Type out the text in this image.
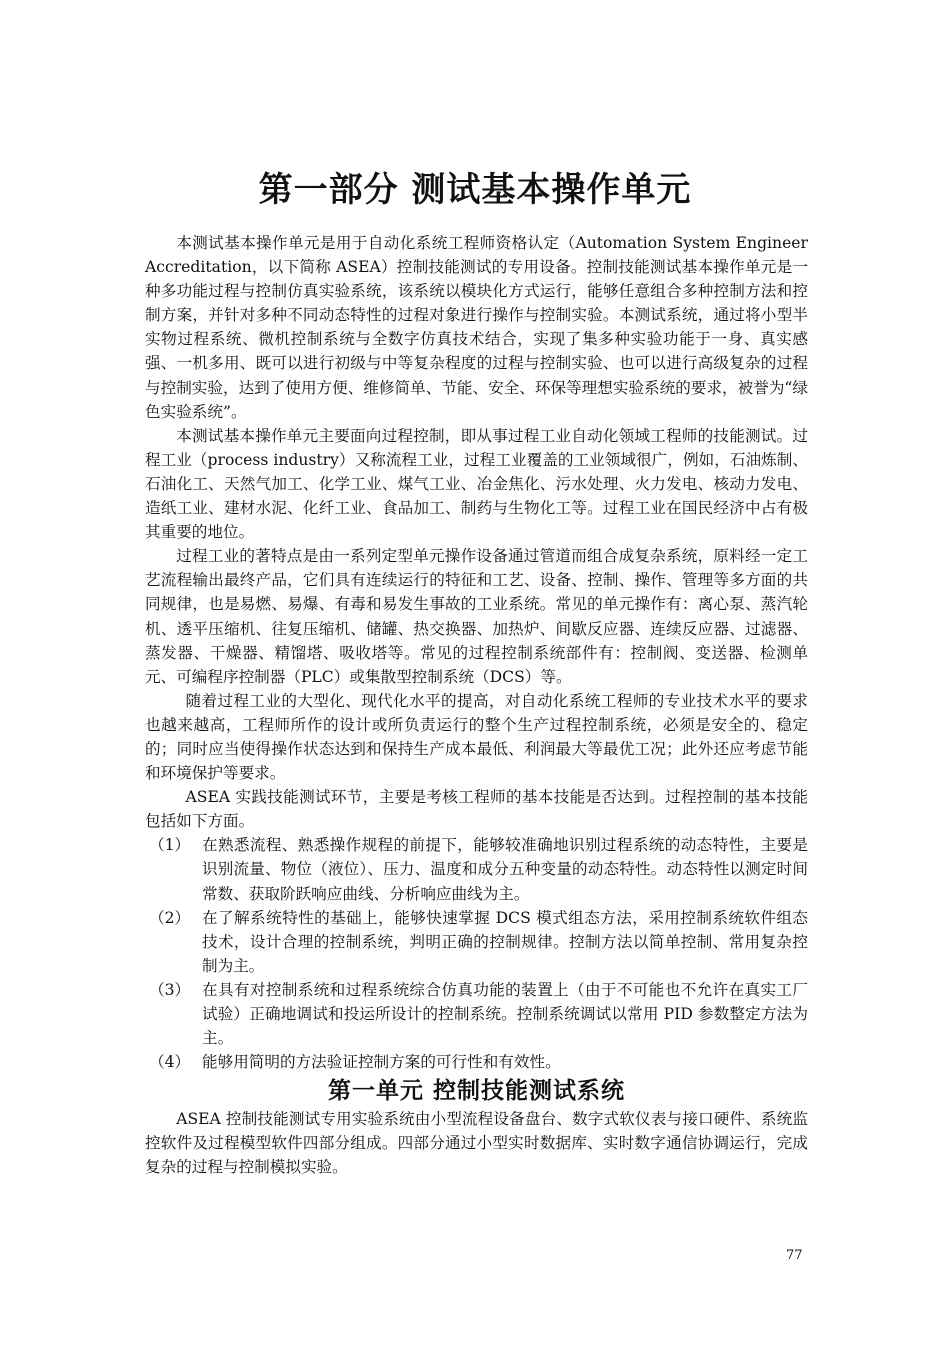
第一部分 测试基本操作单元

本测试基本操作单元是用于自动化系统工程师资格认定（Automation System Engineer Accreditation，以下简称 ASEA）控制技能测试的专用设备。控制技能测试基本操作单元是一种多功能过程与控制仿真实验系统，该系统以模块化方式运行，能够任意组合多种控制方法和控制方案，并针对多种不同动态特性的过程对象进行操作与控制实验。本测试系统，通过将小型半实物过程系统、微机控制系统与全数字仿真技术结合，实现了集多种实验功能于一身、真实感强、一机多用、既可以进行初级与中等复杂程度的过程与控制实验、也可以进行高级复杂的过程与控制实验，达到了使用方便、维修简单、节能、安全、环保等理想实验系统的要求，被誉为“绿色实验系统”。

本测试基本操作单元主要面向过程控制，即从事过程工业自动化领域工程师的技能测试。过程工业（process industry）又称流程工业，过程工业覆盖的工业领域很广，例如，石油炼制、石油化工、天然气加工、化学工业、煤气工业、冶金焦化、污水处理、火力发电、核动力发电、造纸工业、建材水泥、化纤工业、食品加工、制药与生物化工等。过程工业在国民经济中占有极其重要的地位。

过程工业的著特点是由一系列定型单元操作设备通过管道而组合成复杂系统，原料经一定工艺流程输出最终产品，它们具有连续运行的特征和工艺、设备、控制、操作、管理等多方面的共同规律，也是易燃、易爆、有毒和易发生事故的工业系统。常见的单元操作有：离心泵、蒸汽轮机、透平压缩机、往复压缩机、储罐、热交换器、加热炉、间歇反应器、连续反应器、过滤器、蒸发器、干燥器、精馏塔、吸收塔等。常见的过程控制系统部件有：控制阀、变送器、检测单元、可编程序控制器（PLC）或集散型控制系统（DCS）等。

随着过程工业的大型化、现代化水平的提高，对自动化系统工程师的专业技术水平的要求也越来越高，工程师所作的设计或所负责运行的整个生产过程控制系统，必须是安全的、稳定的；同时应当使得操作状态达到和保持生产成本最低、利润最大等最优工况；此外还应考虑节能和环境保护等要求。

ASEA 实践技能测试环节，主要是考核工程师的基本技能是否达到。过程控制的基本技能包括如下方面。

（1） 在熟悉流程、熟悉操作规程的前提下，能够较准确地识别过程系统的动态特性，主要是识别流量、物位（液位）、压力、温度和成分五种变量的动态特性。动态特性以测定时间常数、获取阶跃响应曲线、分析响应曲线为主。
（2） 在了解系统特性的基础上，能够快速掌握 DCS 模式组态方法，采用控制系统软件组态技术，设计合理的控制系统，判明正确的控制规律。控制方法以简单控制、常用复杂控制为主。
（3） 在具有对控制系统和过程系统综合仿真功能的装置上（由于不可能也不允许在真实工厂试验）正确地调试和投运所设计的控制系统。控制系统调试以常用 PID 参数整定方法为主。
（4） 能够用简明的方法验证控制方案的可行性和有效性。
第一单元 控制技能测试系统

ASEA 控制技能测试专用实验系统由小型流程设备盘台、数字式软仪表与接口硬件、系统监控软件及过程模型软件四部分组成。四部分通过小型实时数据库、实时数字通信协调运行，完成复杂的过程与控制模拟实验。

77
